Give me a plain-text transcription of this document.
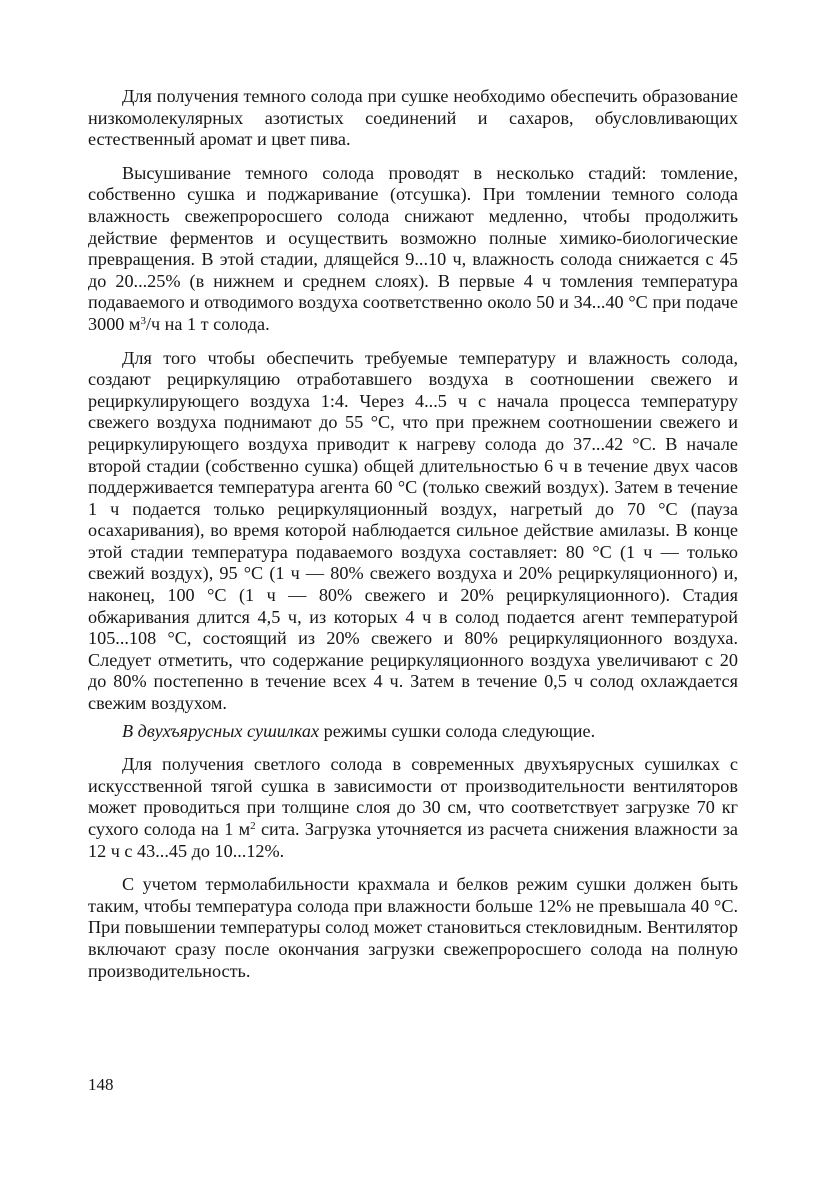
Для получения темного солода при сушке необходимо обеспечить образование низкомолекулярных азотистых соединений и сахаров, обусловливающих естественный аромат и цвет пива.

Высушивание темного солода проводят в несколько стадий: томление, собственно сушка и поджаривание (отсушка). При томлении темного солода влажность свежепроросшего солода снижают медленно, чтобы продолжить действие ферментов и осуществить возможно полные химико-биологические превращения. В этой стадии, длящейся 9...10 ч, влажность солода снижается с 45 до 20...25% (в нижнем и среднем слоях). В первые 4 ч томления температура подаваемого и отводимого воздуха соответственно около 50 и 34...40 °С при подаче 3000 $м^3/ч$ на 1 т солода.

Для того чтобы обеспечить требуемые температуру и влажность солода, создают рециркуляцию отработавшего воздуха в соотношении свежего и рециркулирующего воздуха 1:4. Через 4...5 ч с начала процесса температуру свежего воздуха поднимают до 55 °С, что при прежнем соотношении свежего и рециркулирующего воздуха приводит к нагреву солода до 37...42 °С. В начале второй стадии (собственно сушка) общей длительностью 6 ч в течение двух часов поддерживается температура агента 60 °С (только свежий воздух). Затем в течение 1 ч подается только рециркуляционный воздух, нагретый до 70 °С (пауза осахаривания), во время которой наблюдается сильное действие амилазы. В конце этой стадии температура подаваемого воздуха составляет: 80 °С (1 ч — только свежий воздух), 95 °С (1 ч — 80% свежего воздуха и 20% рециркуляционного) и, наконец, 100 °С (1 ч — 80% свежего и 20% рециркуляционного). Стадия обжаривания длится 4,5 ч, из которых 4 ч в солод подается агент температурой 105...108 °С, состоящий из 20% свежего и 80% рециркуляционного воздуха. Следует отметить, что содержание рециркуляционного воздуха увеличивают с 20 до 80% постепенно в течение всех 4 ч. Затем в течение 0,5 ч солод охлаждается свежим воздухом.

В двухъярусных сушилках режимы сушки солода следующие.

Для получения светлого солода в современных двухъярусных сушилках с искусственной тягой сушка в зависимости от производительности вентиляторов может проводиться при толщине слоя до 30 см, что соответствует загрузке 70 кг сухого солода на 1 $м^2$ сита. Загрузка уточняется из расчета снижения влажности за 12 ч с 43...45 до 10...12%.

С учетом термолабильности крахмала и белков режим сушки должен быть таким, чтобы температура солода при влажности больше 12% не превышала 40 °С. При повышении температуры солод может становиться стекловидным. Вентилятор включают сразу после окончания загрузки свежепроросшего солода на полную производительность.

148
